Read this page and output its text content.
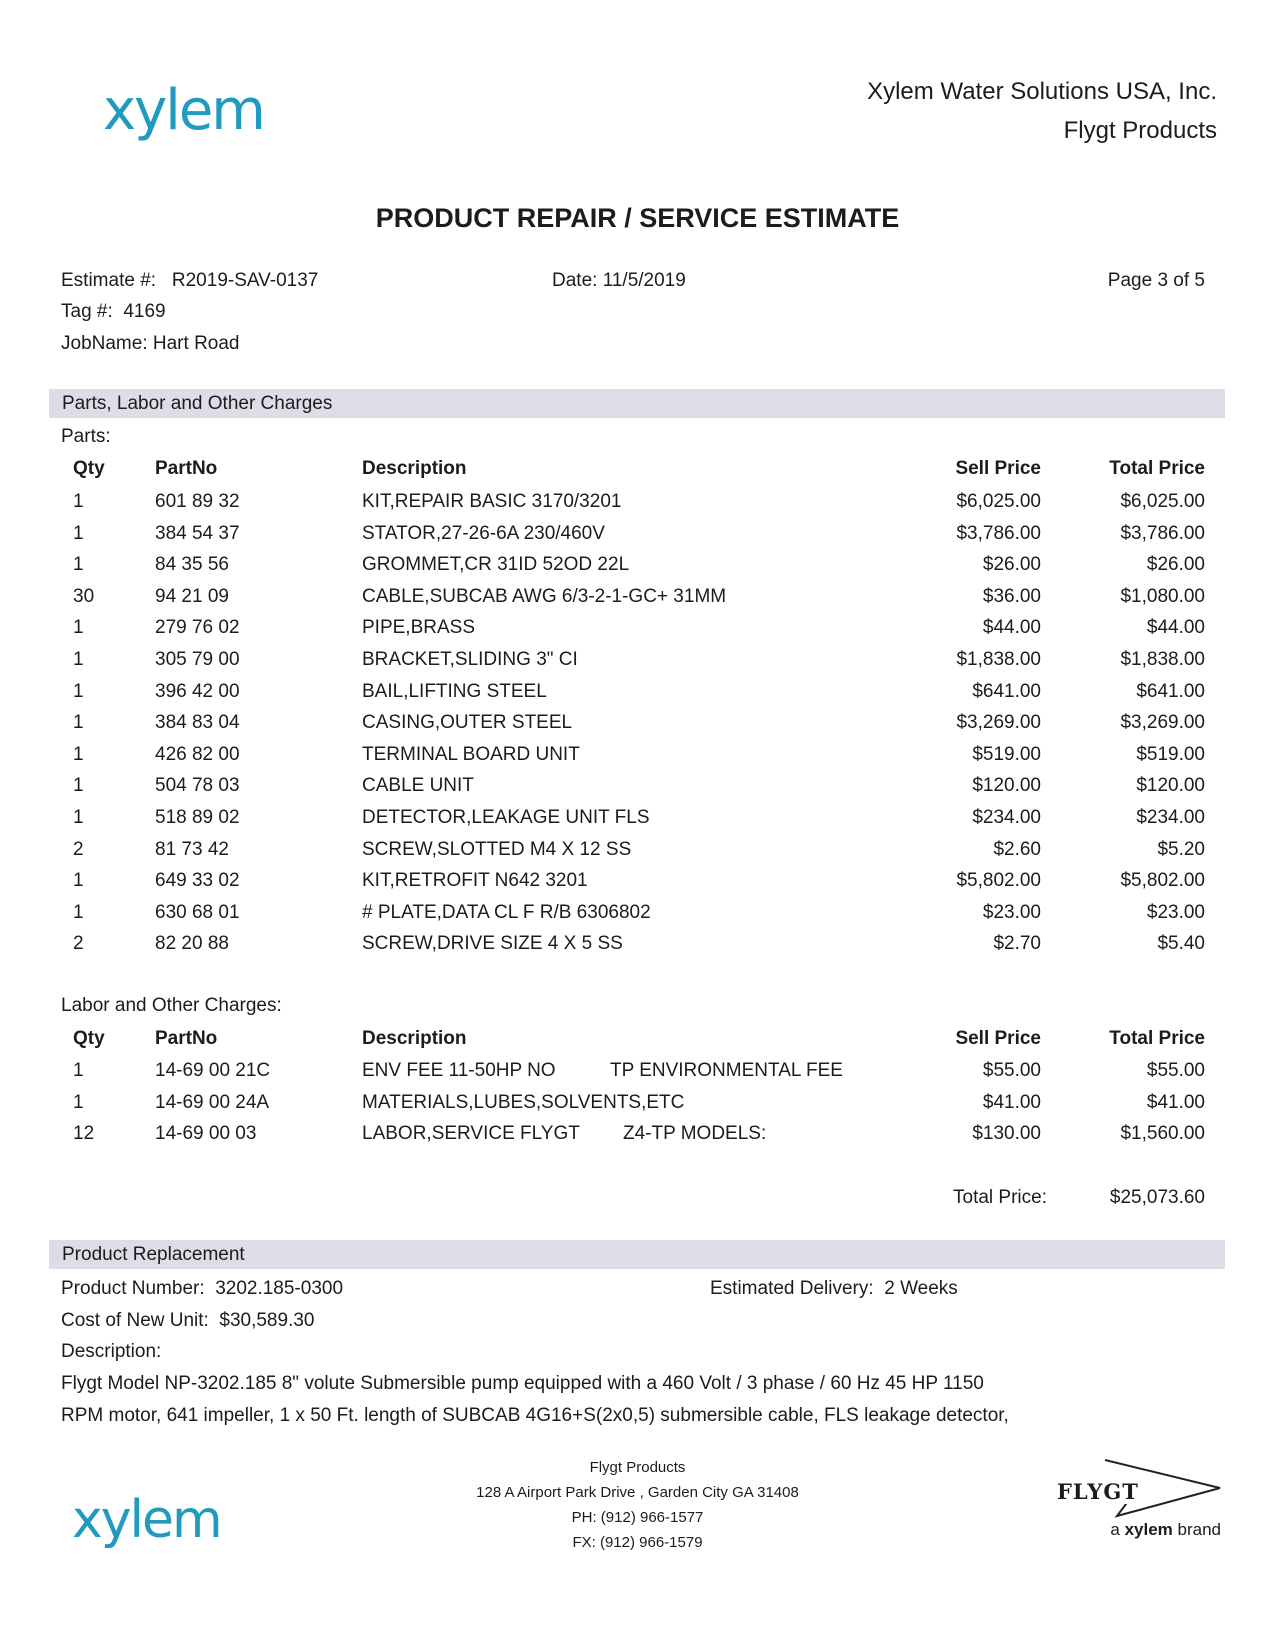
xylem	Xylem Water Solutions USA, Inc.
Flygt Products
PRODUCT REPAIR / SERVICE ESTIMATE
Estimate #: R2019-SAV-0137	Date: 11/5/2019	Page 3 of 5
Tag #: 4169
JobName: Hart Road
Parts, Labor and Other Charges
Parts:
Qty	PartNo	Description	Sell Price	Total Price
1	601 89 32	KIT,REPAIR BASIC 3170/3201	$6,025.00	$6,025.00
1	384 54 37	STATOR,27-26-6A 230/460V	$3,786.00	$3,786.00
1	84 35 56	GROMMET,CR 31ID 52OD 22L	$26.00	$26.00
30	94 21 09	CABLE,SUBCAB AWG 6/3-2-1-GC+ 31MM	$36.00	$1,080.00
1	279 76 02	PIPE,BRASS	$44.00	$44.00
1	305 79 00	BRACKET,SLIDING 3" CI	$1,838.00	$1,838.00
1	396 42 00	BAIL,LIFTING STEEL	$641.00	$641.00
1	384 83 04	CASING,OUTER STEEL	$3,269.00	$3,269.00
1	426 82 00	TERMINAL BOARD UNIT	$519.00	$519.00
1	504 78 03	CABLE UNIT	$120.00	$120.00
1	518 89 02	DETECTOR,LEAKAGE UNIT FLS	$234.00	$234.00
2	81 73 42	SCREW,SLOTTED M4 X 12 SS	$2.60	$5.20
1	649 33 02	KIT,RETROFIT N642 3201	$5,802.00	$5,802.00
1	630 68 01	# PLATE,DATA CL F R/B 6306802	$23.00	$23.00
2	82 20 88	SCREW,DRIVE SIZE 4 X 5 SS	$2.70	$5.40
Labor and Other Charges:
Qty	PartNo	Description	Sell Price	Total Price
1	14-69 00 21C	ENV FEE 11-50HP NO	$55.00	$55.00
TP ENVIRONMENTAL FEE
1	14-69 00 24A	MATERIALS,LUBES,SOLVENTS,ETC	$41.00	$41.00
12	14-69 00 03	LABOR,SERVICE FLYGT	$130.00	$1,560.00
Z4-TP MODELS:
Total Price:	$25,073.60
Product Replacement
Product Number: 3202.185-0300	Estimated Delivery: 2 Weeks
Cost of New Unit: $30,589.30
Description:
Flygt Model NP-3202.185 8" volute Submersible pump equipped with a 460 Volt / 3 phase / 60 Hz 45 HP 1150
RPM motor, 641 impeller, 1 x 50 Ft. length of SUBCAB 4G16+S(2x0,5) submersible cable, FLS leakage detector,
xylem
Flygt Products
128 A Airport Park Drive , Garden City GA 31408
PH: (912) 966-1577
FX: (912) 966-1579
FLYGT
a xylem brand
